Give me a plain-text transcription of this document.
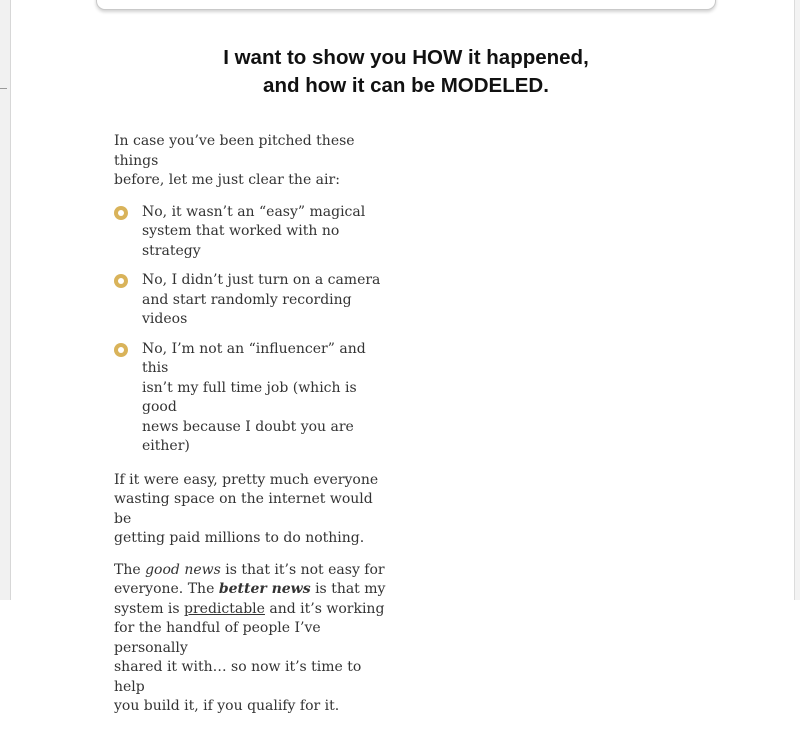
I want to show you HOW it happened,
and how it can be MODELED.

In case you’ve been pitched these things
before, let me just clear the air:

No, it wasn’t an “easy” magical
system that worked with no
strategy
No, I didn’t just turn on a camera
and start randomly recording
videos
No, I’m not an “influencer” and this
isn’t my full time job (which is good
news because I doubt you are
either)

If it were easy, pretty much everyone
wasting space on the internet would be
getting paid millions to do nothing.

The good news is that it’s not easy for
everyone. The better news is that my
system is predictable and it’s working
for the handful of people I’ve personally
shared it with… so now it’s time to help
you build it, if you qualify for it.
